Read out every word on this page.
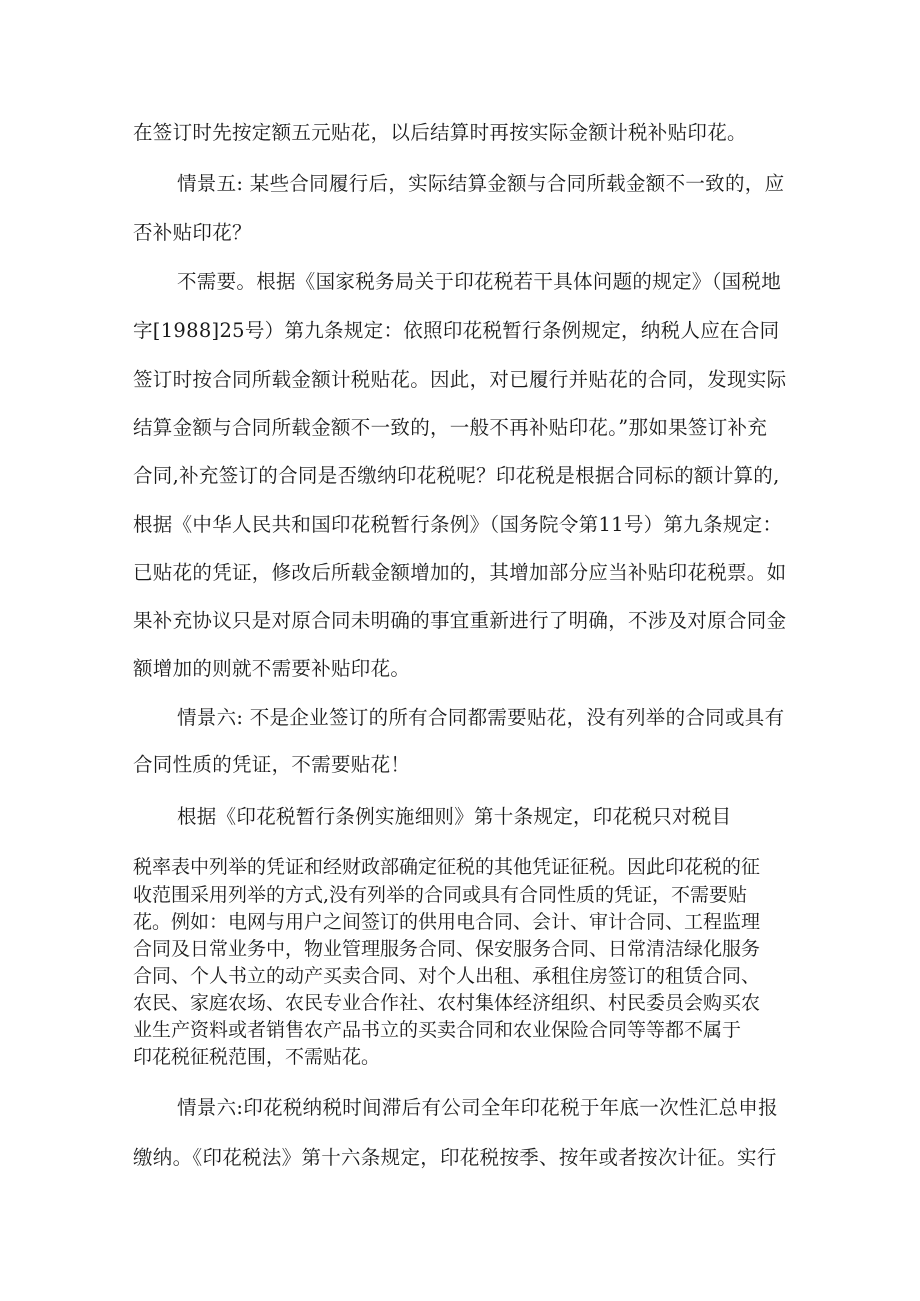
在签订时先按定额五元贴花，以后结算时再按实际金额计税补贴印花。
情景五: 某些合同履行后，实际结算金额与合同所载金额不一致的，应
否补贴印花？
不需要。根据《国家税务局关于印花税若干具体问题的规定》（国税地
字[1988]25号）第九条规定：依照印花税暂行条例规定，纳税人应在合同
签订时按合同所载金额计税贴花。因此，对已履行并贴花的合同，发现实际
结算金额与合同所载金额不一致的，一般不再补贴印花。”那如果签订补充
合同,补充签订的合同是否缴纳印花税呢？印花税是根据合同标的额计算的,
根据《中华人民共和国印花税暂行条例》（国务院令第11号）第九条规定：
已贴花的凭证，修改后所载金额增加的，其增加部分应当补贴印花税票。如
果补充协议只是对原合同未明确的事宜重新进行了明确，不涉及对原合同金
额增加的则就不需要补贴印花。
情景六: 不是企业签订的所有合同都需要贴花，没有列举的合同或具有
合同性质的凭证，不需要贴花！
根据《印花税暂行条例实施细则》第十条规定，印花税只对税目
税率表中列举的凭证和经财政部确定征税的其他凭证征税。因此印花税的征
收范围采用列举的方式,没有列举的合同或具有合同性质的凭证，不需要贴
花。例如：电网与用户之间签订的供用电合同、会计、审计合同、工程监理
合同及日常业务中，物业管理服务合同、保安服务合同、日常清洁绿化服务
合同、个人书立的动产买卖合同、对个人出租、承租住房签订的租赁合同、
农民、家庭农场、农民专业合作社、农村集体经济组织、村民委员会购买农
业生产资料或者销售农产品书立的买卖合同和农业保险合同等等都不属于
印花税征税范围，不需贴花。
情景六:印花税纳税时间滞后有公司全年印花税于年底一次性汇总申报
缴纳。《印花税法》第十六条规定，印花税按季、按年或者按次计征。实行
